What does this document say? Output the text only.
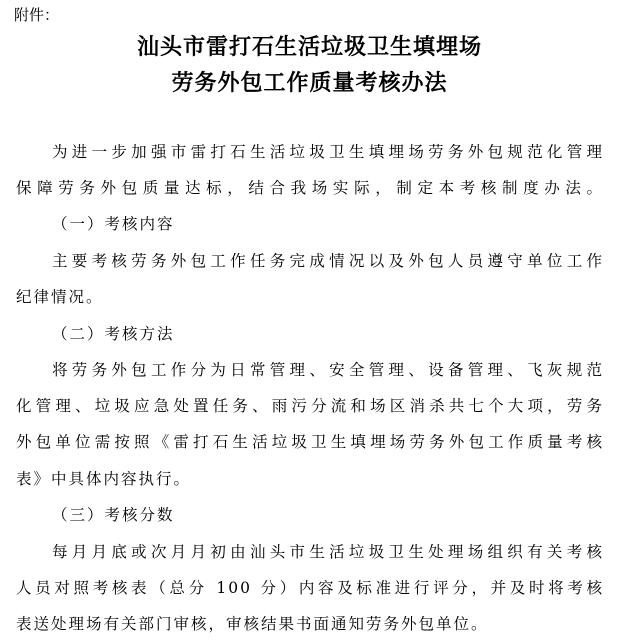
附件：
汕头市雷打石生活垃圾卫生填埋场
劳务外包工作质量考核办法
为进一步加强市雷打石生活垃圾卫生填埋场劳务外包规范化管理
保障劳务外包质量达标，结合我场实际，制定本考核制度办法。
（一）考核内容
主要考核劳务外包工作任务完成情况以及外包人员遵守单位工作
纪律情况。
（二）考核方法
将劳务外包工作分为日常管理、安全管理、设备管理、飞灰规范
化管理、垃圾应急处置任务、雨污分流和场区消杀共七个大项，劳务
外包单位需按照《雷打石生活垃圾卫生填埋场劳务外包工作质量考核
表》中具体内容执行。
（三）考核分数
每月月底或次月月初由汕头市生活垃圾卫生处理场组织有关考核
人员对照考核表（总分 100 分）内容及标准进行评分，并及时将考核
表送处理场有关部门审核，审核结果书面通知劳务外包单位。
